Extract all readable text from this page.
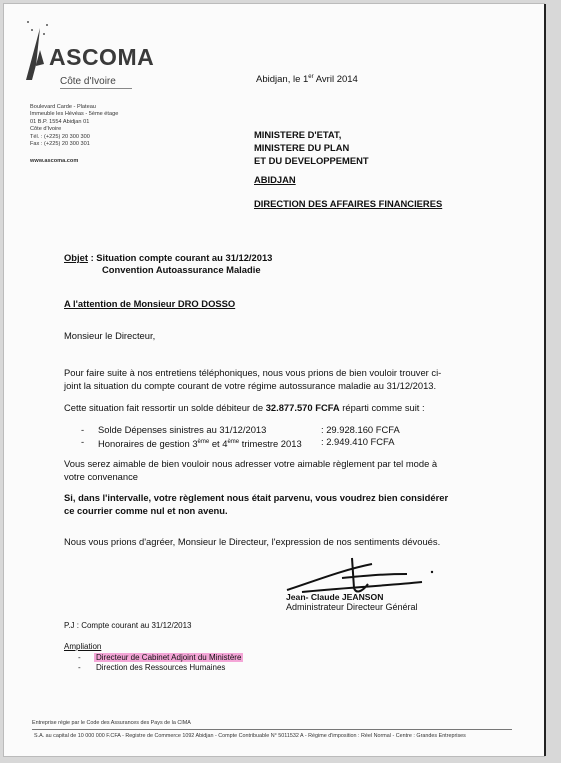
ASCOMA
Côte d'Ivoire
Boulevard Carde - Plateau
Immeuble les Hévéas - 5ème étage
01 B.P. 1554 Abidjan 01
Côte d'Ivoire
Tél. : (+225) 20 300 300
Fax : (+225) 20 300 301
www.ascoma.com
Abidjan, le 1er Avril 2014
MINISTERE D'ETAT,
MINISTERE DU PLAN
ET DU DEVELOPPEMENT
ABIDJAN
DIRECTION DES AFFAIRES FINANCIERES
Objet : Situation compte courant au 31/12/2013
Convention Autoassurance Maladie
A l'attention de Monsieur DRO DOSSO
Monsieur le Directeur,
Pour faire suite à nos entretiens téléphoniques, nous vous prions de bien vouloir trouver ci-
joint la situation du compte courant de votre régime autossurance maladie au 31/12/2013.
Cette situation fait ressortir un solde débiteur de 32.877.570 FCFA réparti comme suit :
- Solde Dépenses sinistres au 31/12/2013	: 29.928.160 FCFA
- Honoraires de gestion 3ème et 4ème trimestre 2013 : 2.949.410 FCFA
Vous serez aimable de bien vouloir nous adresser votre aimable règlement par tel mode à
votre convenance
Si, dans l'intervalle, votre règlement nous était parvenu, vous voudrez bien considérer
ce courrier comme nul et non avenu.
Nous vous prions d'agréer, Monsieur le Directeur, l'expression de nos sentiments dévoués.
Jean- Claude JEANSON
Administrateur Directeur Général
P.J : Compte courant au 31/12/2013
Ampliation
- Directeur de Cabinet Adjoint du Ministère
- Direction des Ressources Humaines
Entreprise régie par le Code des Assurances des Pays de la CIMA
S.A. au capital de 10 000 000 F.CFA - Registre de Commerce 1092 Abidjan - Compte Contribuable N° 5011532 A - Régime d'imposition : Réel Normal - Centre : Grandes Entreprises
